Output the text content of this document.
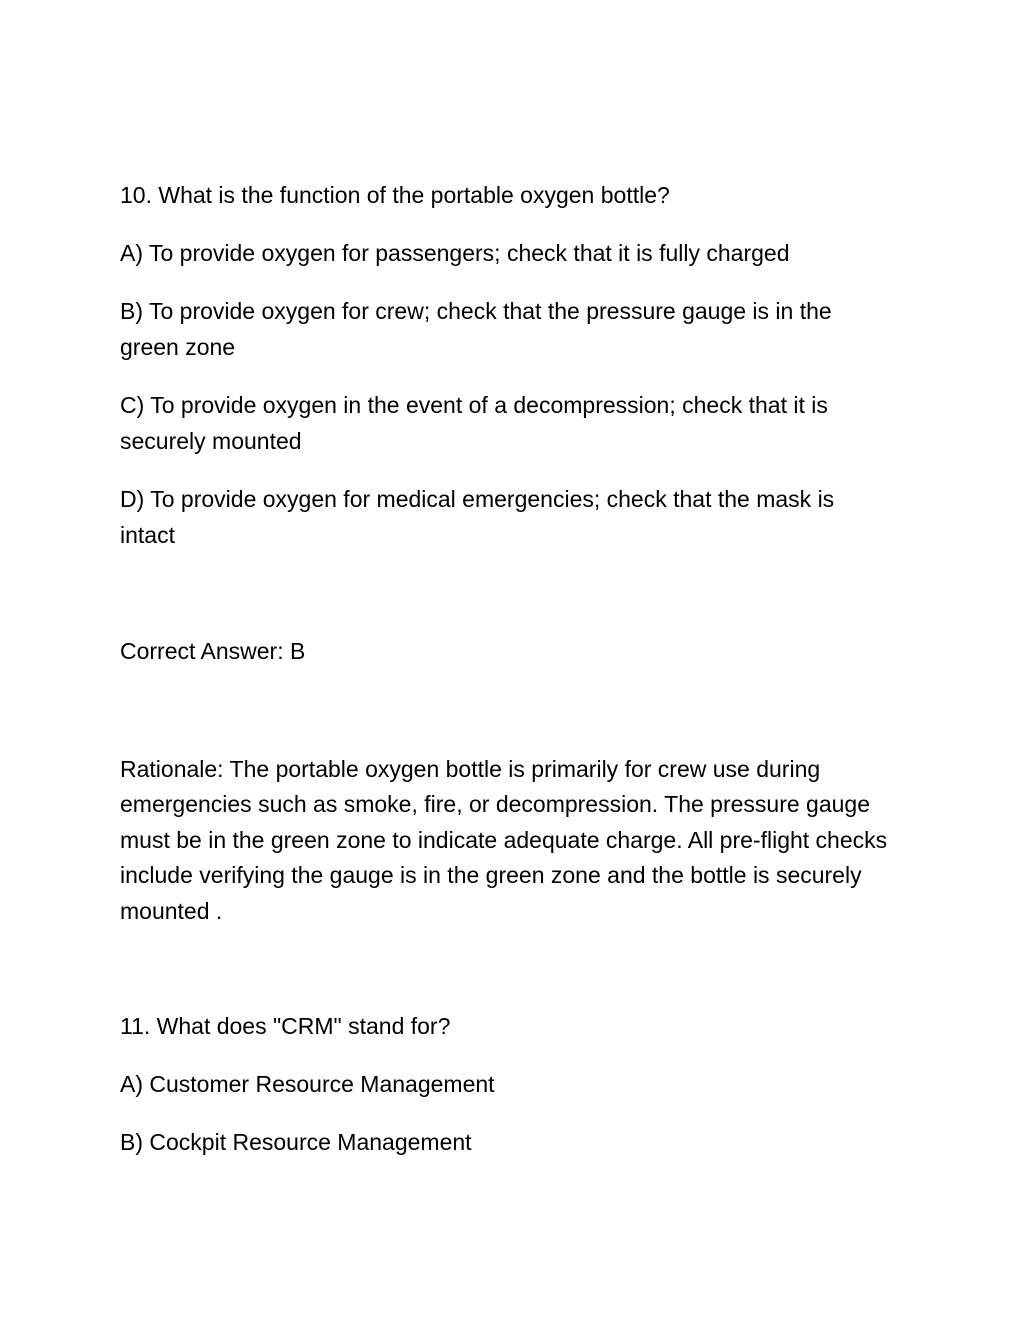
10. What is the function of the portable oxygen bottle?

A) To provide oxygen for passengers; check that it is fully charged

B) To provide oxygen for crew; check that the pressure gauge is in the green zone

C) To provide oxygen in the event of a decompression; check that it is securely mounted

D) To provide oxygen for medical emergencies; check that the mask is intact

Correct Answer: B

Rationale: The portable oxygen bottle is primarily for crew use during emergencies such as smoke, fire, or decompression. The pressure gauge must be in the green zone to indicate adequate charge. All pre-flight checks include verifying the gauge is in the green zone and the bottle is securely mounted .

11. What does "CRM" stand for?

A) Customer Resource Management

B) Cockpit Resource Management
